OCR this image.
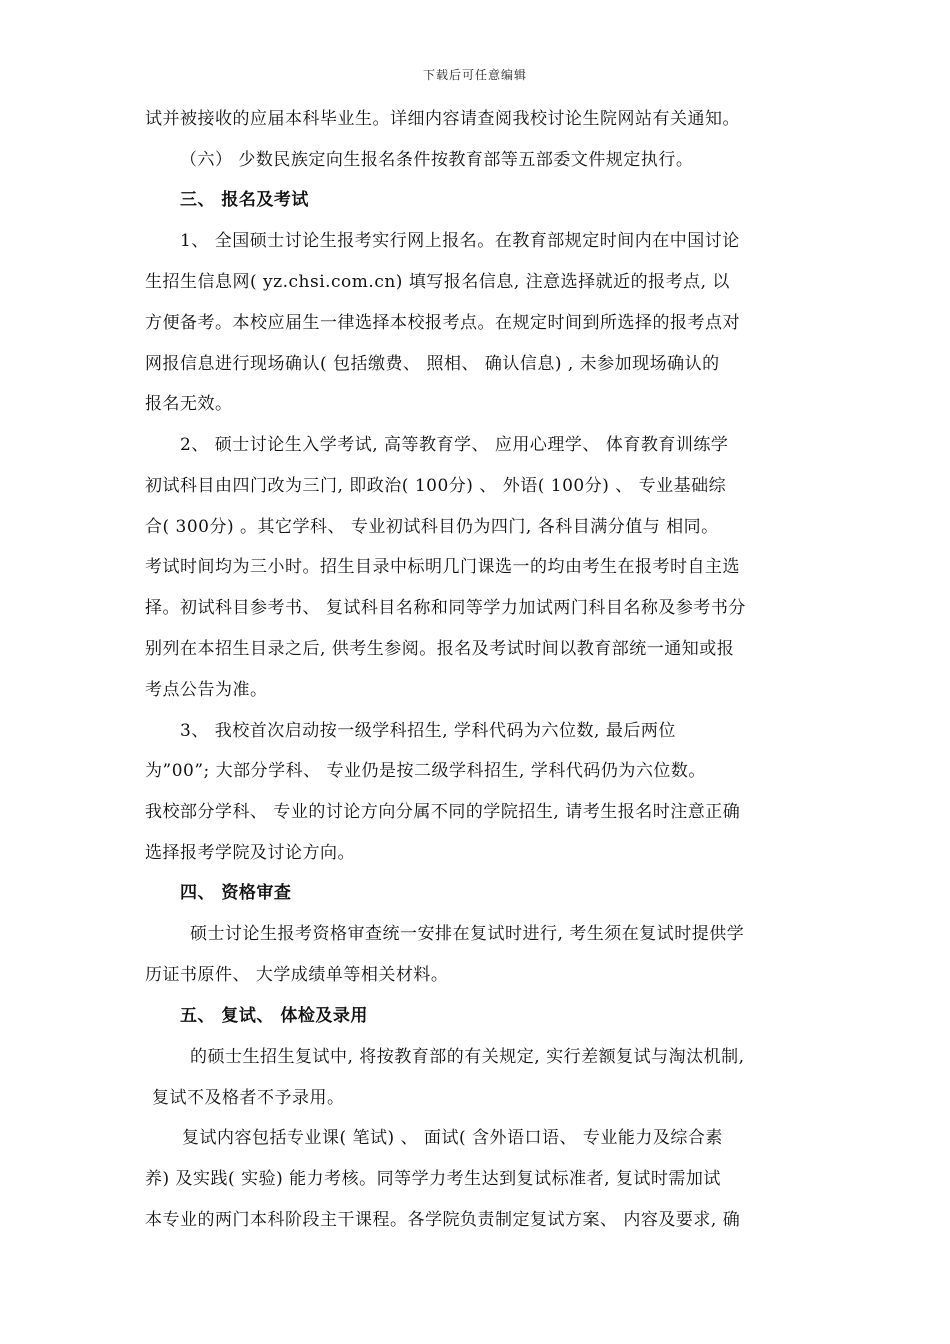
下载后可任意编辑
试并被接收的应届本科毕业生。详细内容请查阅我校讨论生院网站有关通知。
（六） 少数民族定向生报名条件按教育部等五部委文件规定执行。
三、 报名及考试
1、 全国硕士讨论生报考实行网上报名。在教育部规定时间内在中国讨论
生招生信息网( yz.chsi.com.cn) 填写报名信息, 注意选择就近的报考点, 以
方便备考。本校应届生一律选择本校报考点。在规定时间到所选择的报考点对
网报信息进行现场确认( 包括缴费、 照相、 确认信息) , 未参加现场确认的
报名无效。
2、 硕士讨论生入学考试, 高等教育学、 应用心理学、 体育教育训练学
初试科目由四门改为三门, 即政治( 100分) 、 外语( 100分) 、 专业基础综
合( 300分) 。其它学科、 专业初试科目仍为四门, 各科目满分值与 相同。
考试时间均为三小时。招生目录中标明几门课选一的均由考生在报考时自主选
择。初试科目参考书、 复试科目名称和同等学力加试两门科目名称及参考书分
别列在本招生目录之后, 供考生参阅。报名及考试时间以教育部统一通知或报
考点公告为准。
3、 我校首次启动按一级学科招生, 学科代码为六位数, 最后两位
为”00”; 大部分学科、 专业仍是按二级学科招生, 学科代码仍为六位数。
我校部分学科、 专业的讨论方向分属不同的学院招生, 请考生报名时注意正确
选择报考学院及讨论方向。
四、 资格审查
硕士讨论生报考资格审查统一安排在复试时进行, 考生须在复试时提供学
历证书原件、 大学成绩单等相关材料。
五、 复试、 体检及录用
的硕士生招生复试中, 将按教育部的有关规定, 实行差额复试与淘汰机制,
复试不及格者不予录用。
复试内容包括专业课( 笔试) 、 面试( 含外语口语、 专业能力及综合素
养) 及实践( 实验) 能力考核。同等学力考生达到复试标准者, 复试时需加试
本专业的两门本科阶段主干课程。各学院负责制定复试方案、 内容及要求, 确
